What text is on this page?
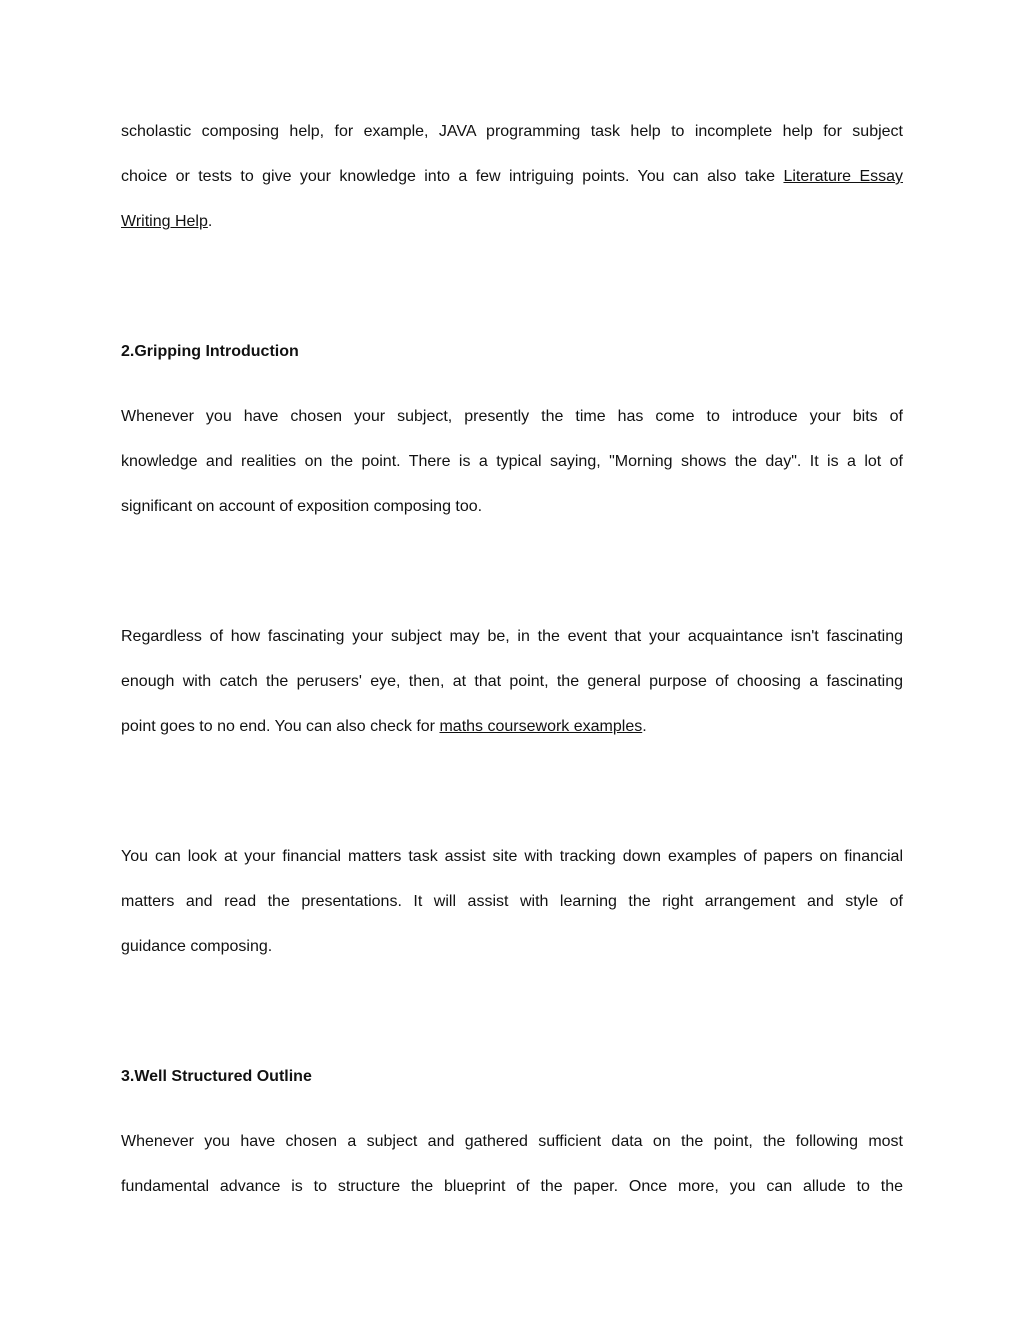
scholastic composing help, for example, JAVA programming task help to incomplete help for subject
choice or tests to give your knowledge into a few intriguing points. You can also take Literature Essay
Writing Help.
2.Gripping Introduction
Whenever you have chosen your subject, presently the time has come to introduce your bits of
knowledge and realities on the point. There is a typical saying, "Morning shows the day". It is a lot of
significant on account of exposition composing too.
Regardless of how fascinating your subject may be, in the event that your acquaintance isn't fascinating
enough with catch the perusers' eye, then, at that point, the general purpose of choosing a fascinating
point goes to no end. You can also check for maths coursework examples.
You can look at your financial matters task assist site with tracking down examples of papers on financial
matters and read the presentations. It will assist with learning the right arrangement and style of
guidance composing.
3.Well Structured Outline
Whenever you have chosen a subject and gathered sufficient data on the point, the following most
fundamental advance is to structure the blueprint of the paper. Once more, you can allude to the
